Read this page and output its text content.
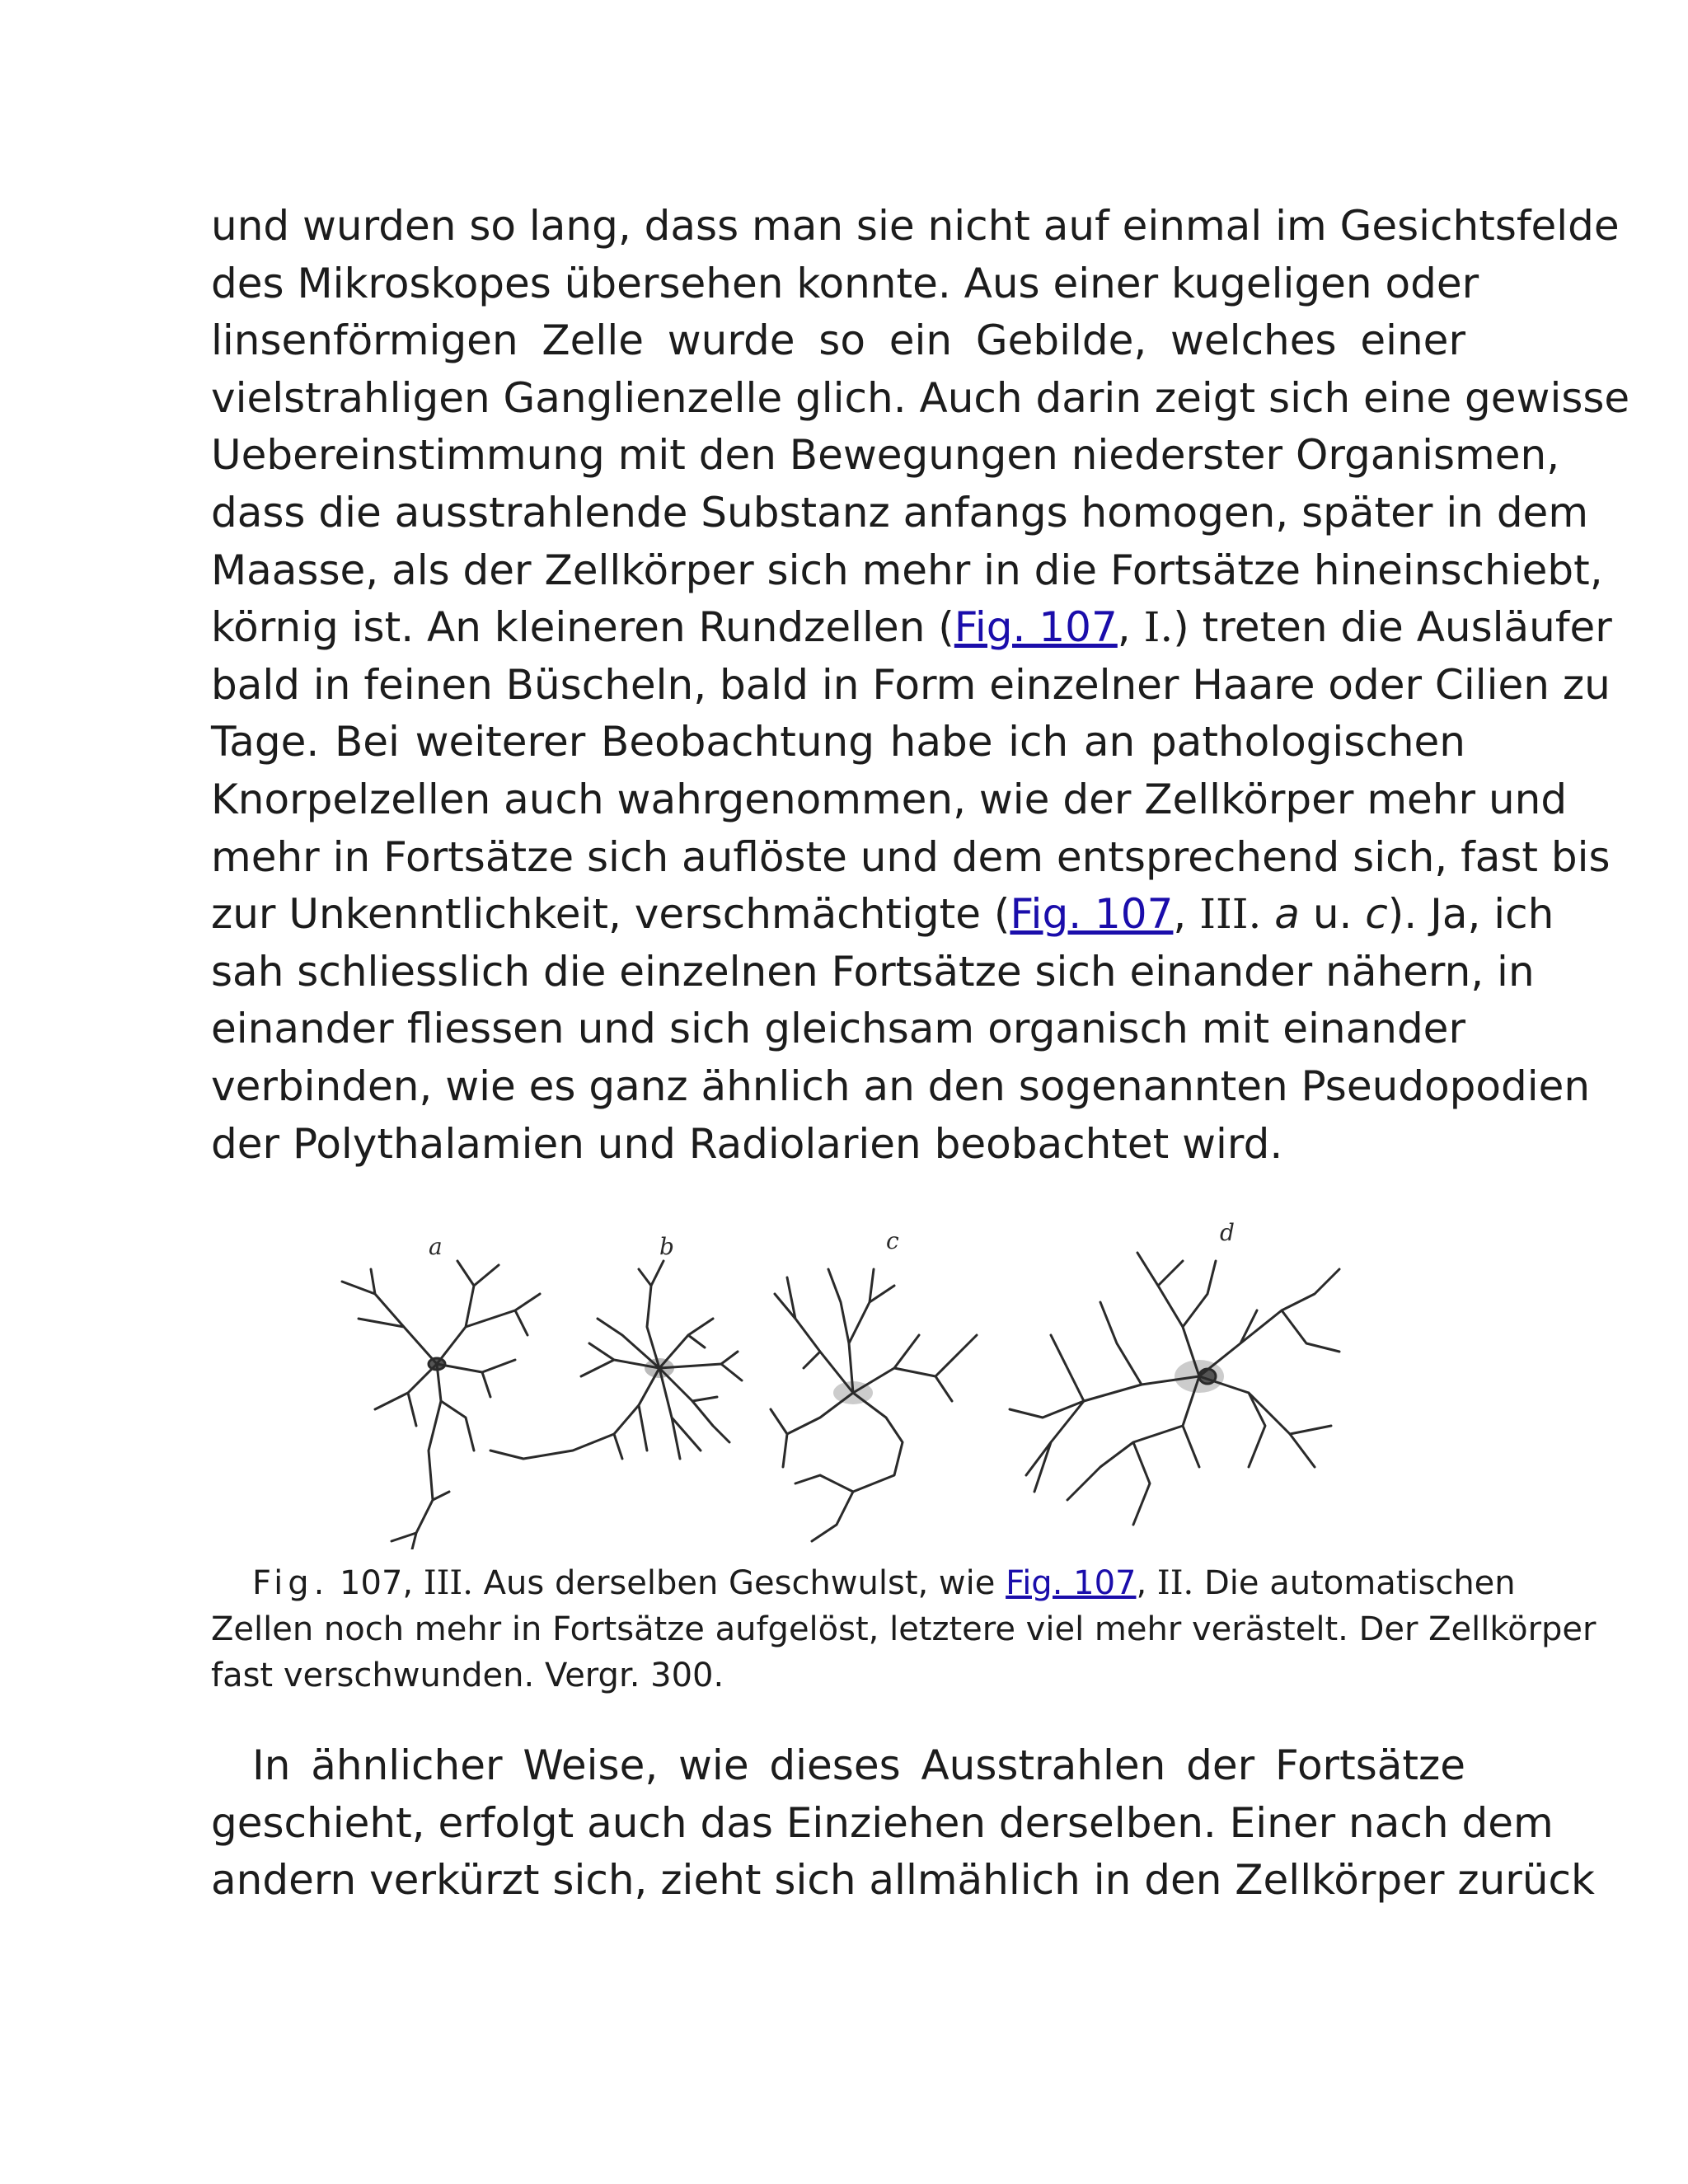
und wurden so lang, dass man sie nicht auf einmal im Gesichtsfelde
des Mikroskopes übersehen konnte. Aus einer kugeligen oder
linsenförmigen Zelle wurde so ein Gebilde, welches einer
vielstrahligen Ganglienzelle glich. Auch darin zeigt sich eine gewisse
Uebereinstimmung mit den Bewegungen niederster Organismen,
dass die ausstrahlende Substanz anfangs homogen, später in dem
Maasse, als der Zellkörper sich mehr in die Fortsätze hineinschiebt,
körnig ist. An kleineren Rundzellen (Fig. 107, I.) treten die Ausläufer
bald in feinen Büscheln, bald in Form einzelner Haare oder Cilien zu
Tage. Bei weiterer Beobachtung habe ich an pathologischen
Knorpelzellen auch wahrgenommen, wie der Zellkörper mehr und
mehr in Fortsätze sich auflöste und dem entsprechend sich, fast bis
zur Unkenntlichkeit, verschmächtigte (Fig. 107, III. a u. c). Ja, ich
sah schliesslich die einzelnen Fortsätze sich einander nähern, in
einander fliessen und sich gleichsam organisch mit einander
verbinden, wie es ganz ähnlich an den sogenannten Pseudopodien
der Polythalamien und Radiolarien beobachtet wird.
a	b	c	d
Fig. 107, III. Aus derselben Geschwulst, wie Fig. 107, II. Die automatischen
Zellen noch mehr in Fortsätze aufgelöst, letztere viel mehr verästelt. Der Zellkörper
fast verschwunden. Vergr. 300.
In ähnlicher Weise, wie dieses Ausstrahlen der Fortsätze
geschieht, erfolgt auch das Einziehen derselben. Einer nach dem
andern verkürzt sich, zieht sich allmählich in den Zellkörper zurück
